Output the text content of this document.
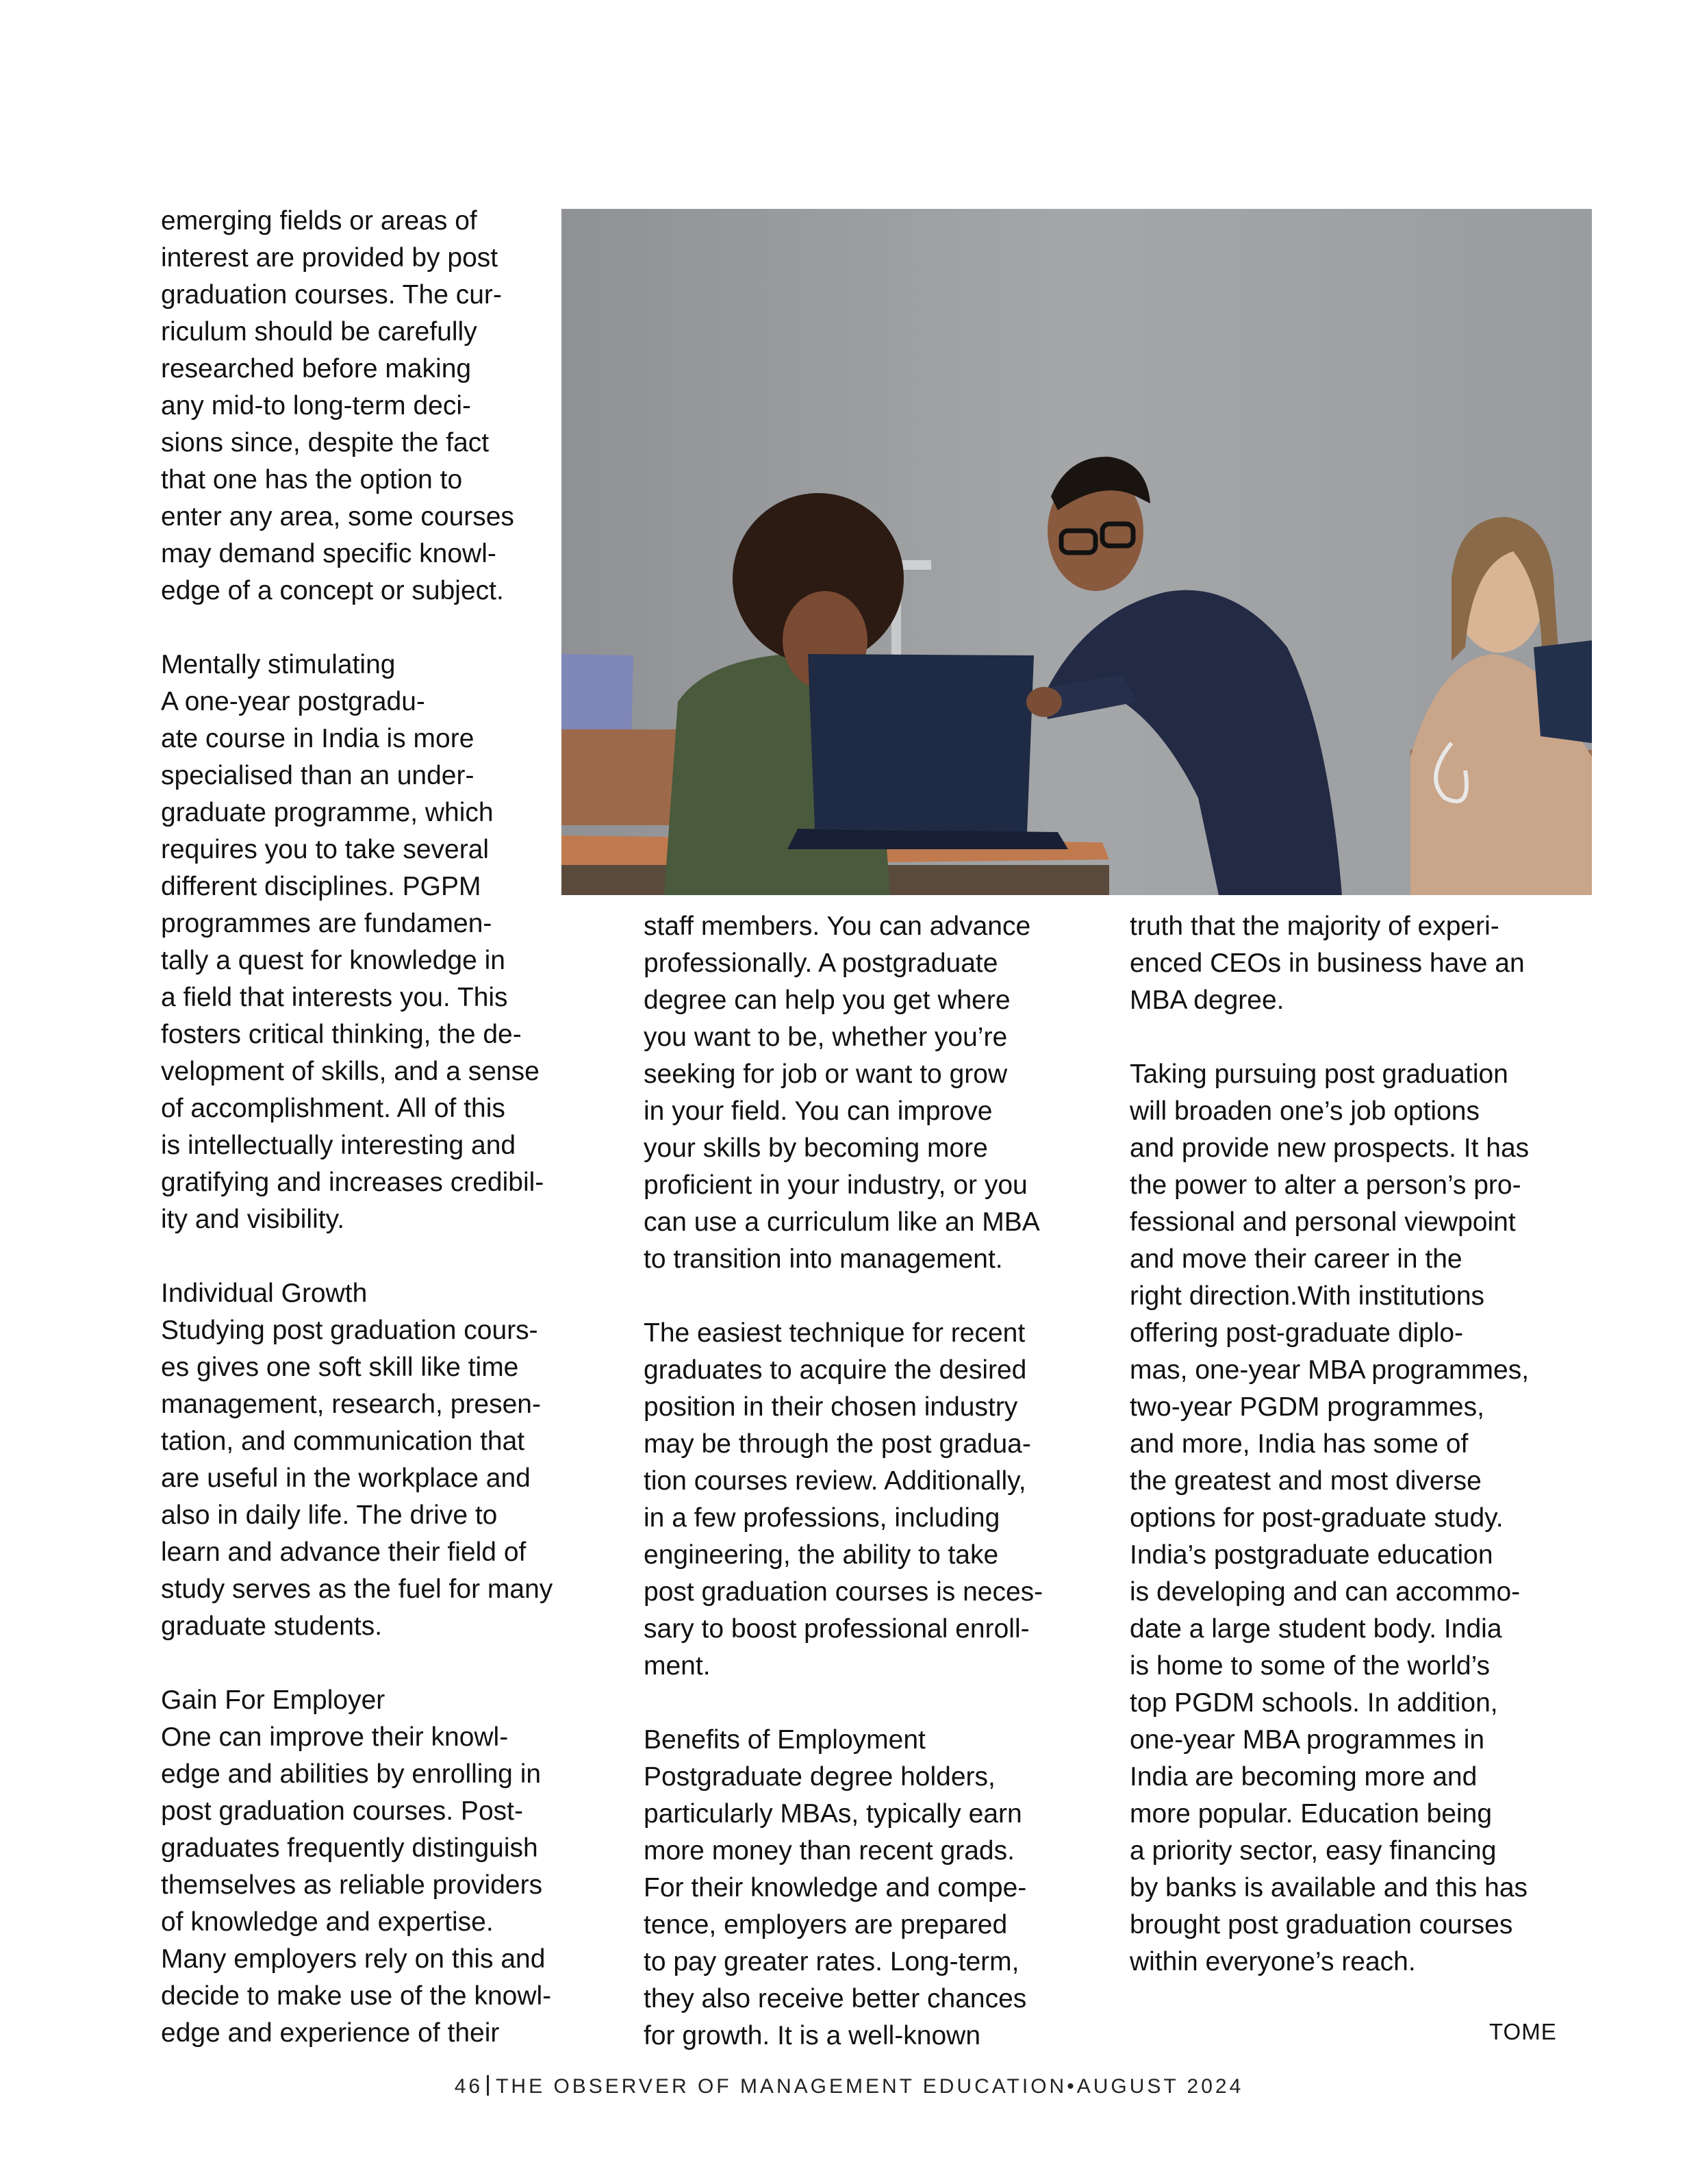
emerging fields or areas of
interest are provided by post
graduation courses. The cur-
riculum should be carefully
researched before making
any mid-to long-term deci-
sions since, despite the fact
that one has the option to
enter any area, some courses
may demand specific knowl-
edge of a concept or subject.

Mentally stimulating
A one-year postgradu-
ate course in India is more
specialised than an under-
graduate programme, which
requires you to take several
different disciplines. PGPM
programmes are fundamen-
tally a quest for knowledge in
a field that interests you. This
fosters critical thinking, the de-
velopment of skills, and a sense
of accomplishment. All of this
is intellectually interesting and
gratifying and increases credibil-
ity and visibility.

Individual Growth
Studying post graduation cours-
es gives one soft skill like time
management, research, presen-
tation, and communication that
are useful in the workplace and
also in daily life. The drive to
learn and advance their field of
study serves as the fuel for many
graduate students.

Gain For Employer
One can improve their knowl-
edge and abilities by enrolling in
post graduation courses. Post-
graduates frequently distinguish
themselves as reliable providers
of knowledge and expertise.
Many employers rely on this and
decide to make use of the knowl-
edge and experience of their

staff members. You can advance
professionally. A postgraduate
degree can help you get where
you want to be, whether you’re
seeking for job or want to grow
in your field. You can improve
your skills by becoming more
proficient in your industry, or you
can use a curriculum like an MBA
to transition into management.

The easiest technique for recent
graduates to acquire the desired
position in their chosen industry
may be through the post gradua-
tion courses review. Additionally,
in a few professions, including
engineering, the ability to take
post graduation courses is neces-
sary to boost professional enroll-
ment.

Benefits of Employment
Postgraduate degree holders,
particularly MBAs, typically earn
more money than recent grads.
For their knowledge and compe-
tence, employers are prepared
to pay greater rates. Long-term,
they also receive better chances
for growth. It is a well-known

truth that the majority of experi-
enced CEOs in business have an
MBA degree.

Taking pursuing post graduation
will broaden one’s job options
and provide new prospects. It has
the power to alter a person’s pro-
fessional and personal viewpoint
and move their career in the
right direction.With institutions
offering post-graduate diplo-
mas, one-year MBA programmes,
two-year PGDM programmes,
and more, India has some of
the greatest and most diverse
options for post-graduate study.
India’s postgraduate education
is developing and can accommo-
date a large student body. India
is home to some of the world’s
top PGDM schools. In addition,
one-year MBA programmes in
India are becoming more and
more popular. Education being
a priority sector, easy financing
by banks is available and this has
brought post graduation courses
within everyone’s reach.

TOME
46 THE OBSERVER OF MANAGEMENT EDUCATION•AUGUST 2024
